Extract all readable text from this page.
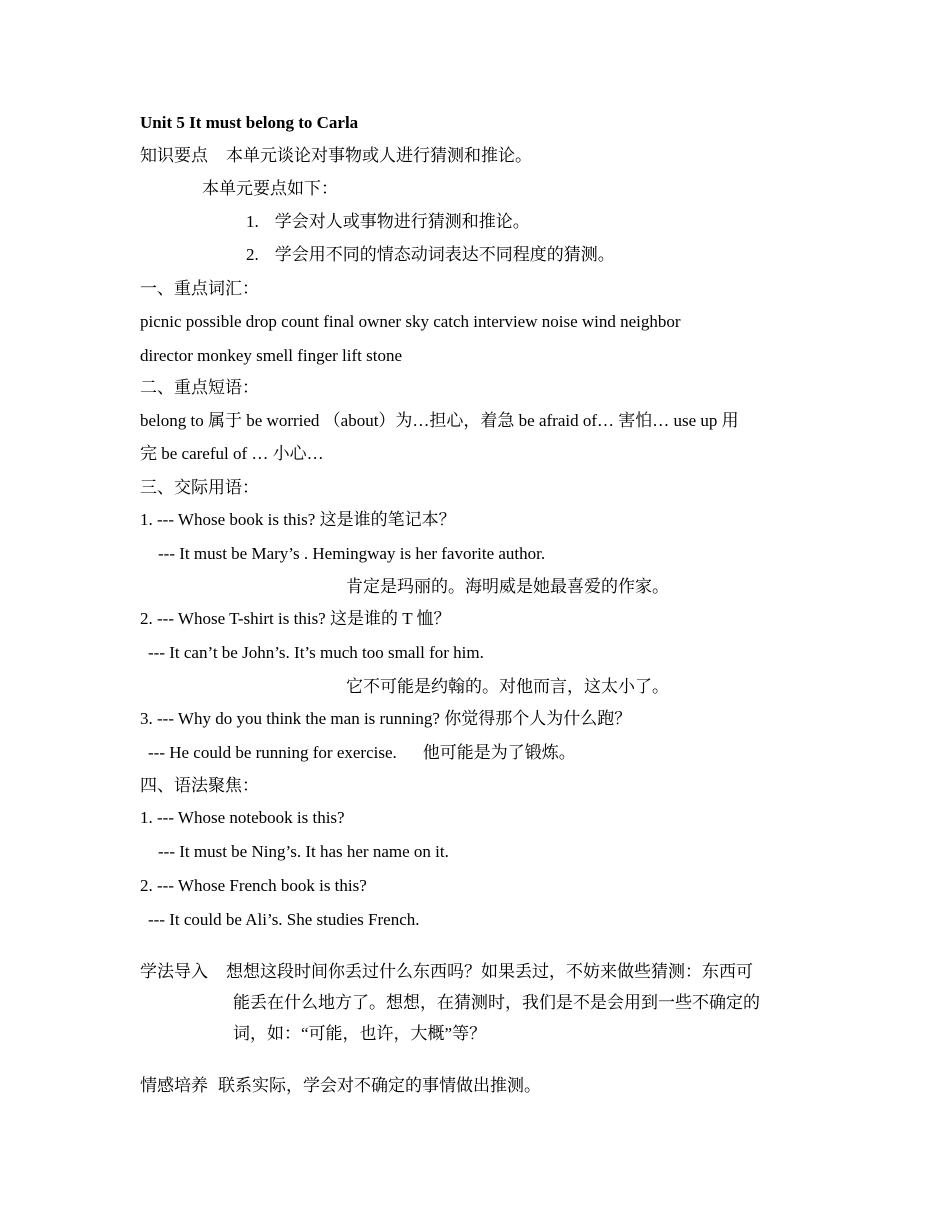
Unit 5 It must belong to Carla
知识要点 本单元谈论对事物或人进行猜测和推论。
本单元要点如下：
1. 学会对人或事物进行猜测和推论。
2. 学会用不同的情态动词表达不同程度的猜测。
一、重点词汇：
picnic possible drop count final owner sky catch interview noise wind neighbor
director monkey smell finger lift stone
二、重点短语：
belong to 属于 be worried （about）为…担心，着急 be afraid of… 害怕… use up 用
完 be careful of … 小心…
三、交际用语：
1. --- Whose book is this? 这是谁的笔记本？
--- It must be Mary’s . Hemingway is her favorite author.
肯定是玛丽的。海明威是她最喜爱的作家。
2. --- Whose T-shirt is this? 这是谁的 T 恤？
--- It can’t be John’s. It’s much too small for him.
它不可能是约翰的。对他而言，这太小了。
3. --- Why do you think the man is running? 你觉得那个人为什么跑？
--- He could be running for exercise. 他可能是为了锻炼。
四、语法聚焦：
1. --- Whose notebook is this?
--- It must be Ning’s. It has her name on it.
2. --- Whose French book is this?
--- It could be Ali’s. She studies French.
学法导入 想想这段时间你丢过什么东西吗？如果丢过，不妨来做些猜测：东西可
能丢在什么地方了。想想，在猜测时，我们是不是会用到一些不确定的
词，如：“可能，也许，大概”等？
情感培养 联系实际，学会对不确定的事情做出推测。
